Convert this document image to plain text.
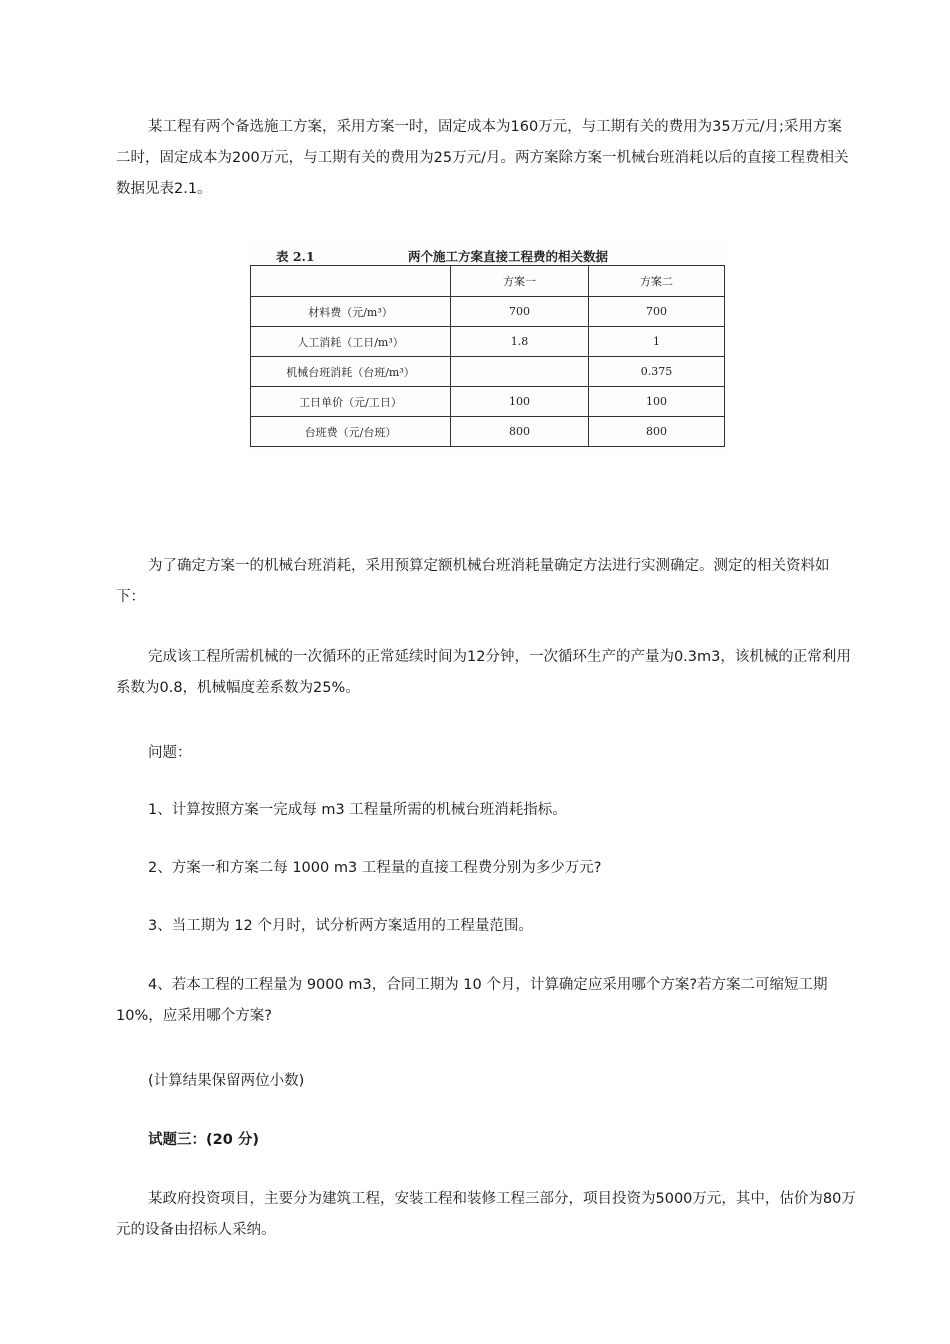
某工程有两个备选施工方案，采用方案一时，固定成本为160万元，与工期有关的费用为35万元/月;采用方案二时，固定成本为200万元，与工期有关的费用为25万元/月。两方案除方案一机械台班消耗以后的直接工程费相关数据见表2.1。

表 2.1	两个施工方案直接工程费的相关数据
	方案一	方案二
材料费（元/m³）	700	700
人工消耗（工日/m³）	1.8	1
机械台班消耗（台班/m³）		0.375
工日单价（元/工日）	100	100
台班费（元/台班）	800	800

为了确定方案一的机械台班消耗，采用预算定额机械台班消耗量确定方法进行实测确定。测定的相关资料如下：

完成该工程所需机械的一次循环的正常延续时间为12分钟，一次循环生产的产量为0.3m3，该机械的正常利用系数为0.8，机械幅度差系数为25%。

问题：

1、计算按照方案一完成每 m3 工程量所需的机械台班消耗指标。

2、方案一和方案二每 1000 m3 工程量的直接工程费分别为多少万元?

3、当工期为 12 个月时，试分析两方案适用的工程量范围。

4、若本工程的工程量为 9000 m3，合同工期为 10 个月，计算确定应采用哪个方案?若方案二可缩短工期 10%，应采用哪个方案?

(计算结果保留两位小数)

试题三：(20 分)

某政府投资项目，主要分为建筑工程，安装工程和装修工程三部分，项目投资为5000万元，其中，估价为80万元的设备由招标人采纳。
